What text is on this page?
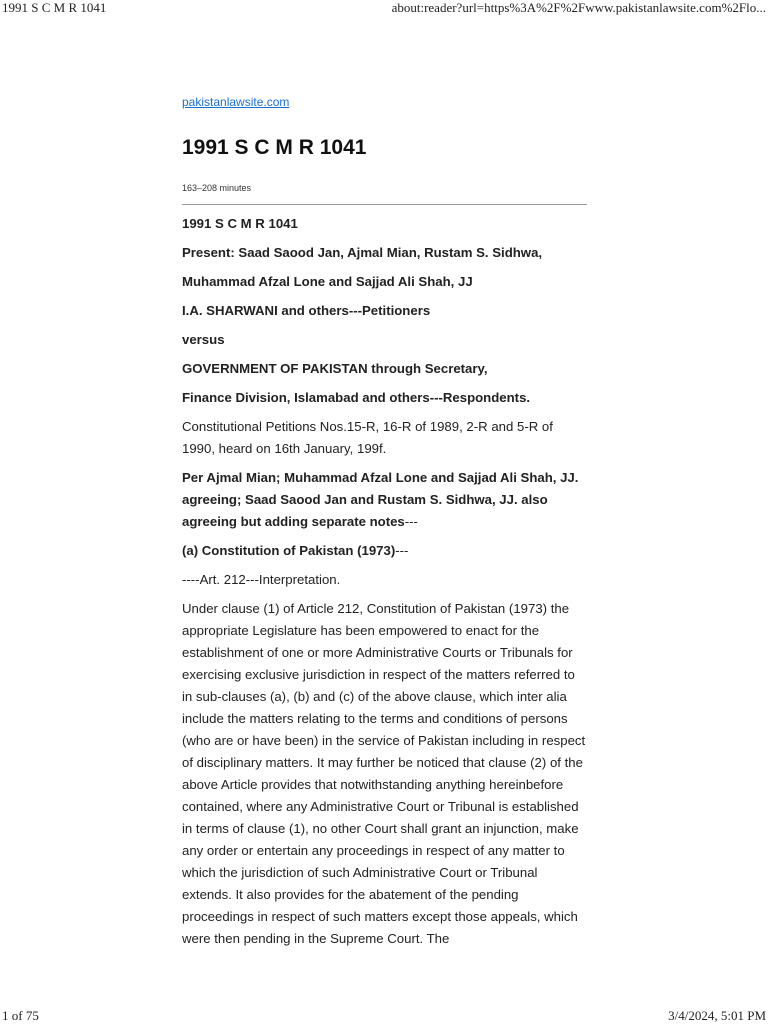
1991 S C M R 1041	about:reader?url=https%3A%2F%2Fwww.pakistanlawsite.com%2Flo...
pakistanlawsite.com
1991 S C M R 1041
163–208 minutes

1991 S C M R 1041

Present: Saad Saood Jan, Ajmal Mian, Rustam S. Sidhwa,

Muhammad Afzal Lone and Sajjad Ali Shah, JJ

I.A. SHARWANI and others---Petitioners

versus

GOVERNMENT OF PAKISTAN through Secretary,

Finance Division, Islamabad and others---Respondents.

Constitutional Petitions Nos.15-R, 16-R of 1989, 2-R and 5-R of 1990, heard on 16th January, 199f.

Per Ajmal Mian; Muhammad Afzal Lone and Sajjad Ali Shah, JJ. agreeing; Saad Saood Jan and Rustam S. Sidhwa, JJ. also agreeing but adding separate notes---

(a) Constitution of Pakistan (1973)---

----Art. 212---Interpretation.

Under clause (1) of Article 212, Constitution of Pakistan (1973) the appropriate Legislature has been empowered to enact for the establishment of one or more Administrative Courts or Tribunals for exercising exclusive jurisdiction in respect of the matters referred to in sub-clauses (a), (b) and (c) of the above clause, which inter alia include the matters relating to the terms and conditions of persons (who are or have been) in the service of Pakistan including in respect of disciplinary matters. It may further be noticed that clause (2) of the above Article provides that notwithstanding anything hereinbefore contained, where any Administrative Court or Tribunal is established in terms of clause (1), no other Court shall grant an injunction, make any order or entertain any proceedings in respect of any matter to which the jurisdiction of such Administrative Court or Tribunal extends. It also provides for the abatement of the pending proceedings in respect of such matters except those appeals, which were then pending in the Supreme Court. The

1 of 75	3/4/2024, 5:01 PM
